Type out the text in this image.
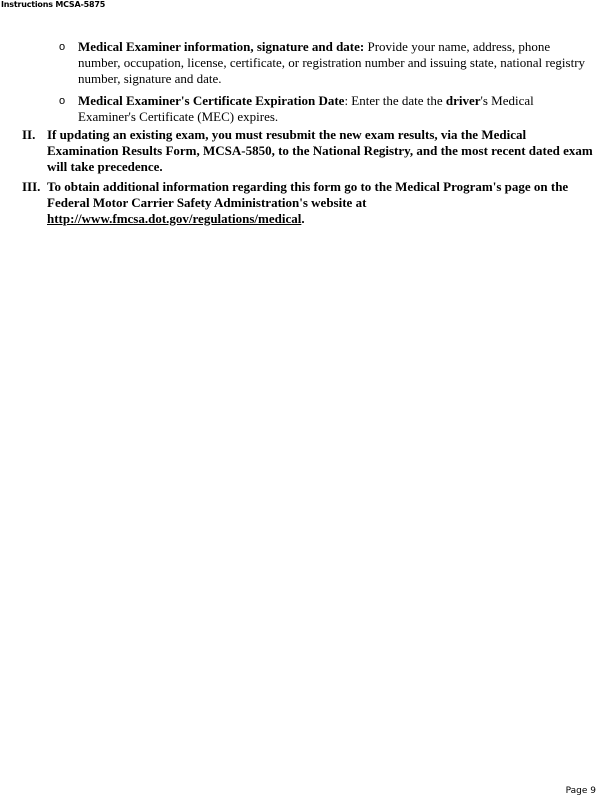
Instructions MCSA-5875
o Medical Examiner information, signature and date: Provide your name, address, phone number, occupation, license, certificate, or registration number and issuing state, national registry number, signature and date.
o Medical Examiner's Certificate Expiration Date: Enter the date the driver's Medical Examiner's Certificate (MEC) expires.
II. If updating an existing exam, you must resubmit the new exam results, via the Medical Examination Results Form, MCSA-5850, to the National Registry, and the most recent dated exam will take precedence.
III. To obtain additional information regarding this form go to the Medical Program's page on the Federal Motor Carrier Safety Administration's website at http://www.fmcsa.dot.gov/regulations/medical.
Page 9
